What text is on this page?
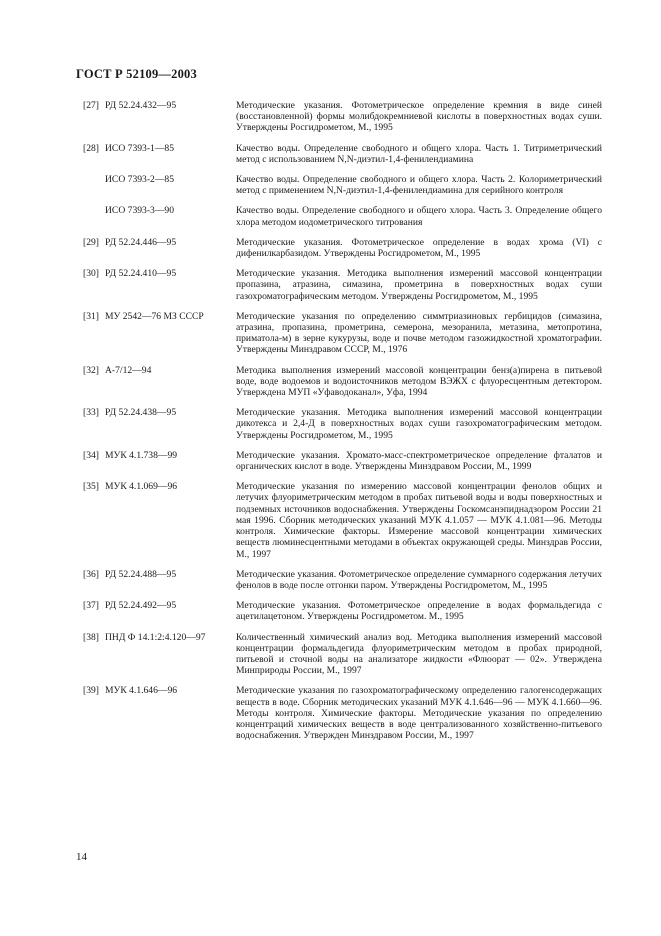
ГОСТ Р 52109—2003
[27] РД 52.24.432—95	Методические указания. Фотометрическое определение кремния в виде синей (восстановленной) формы молибдокремниевой кислоты в поверхностных водах суши. Утверждены Росгидрометом, М., 1995
[28] ИСО 7393-1—85	Качество воды. Определение свободного и общего хлора. Часть 1. Титриметрический метод с использованием N,N-диэтил-1,4-фенилендиамина
ИСО 7393-2—85	Качество воды. Определение свободного и общего хлора. Часть 2. Колориметрический метод с применением N,N-диэтил-1,4-фенилендиамина для серийного контроля
ИСО 7393-3—90	Качество воды. Определение свободного и общего хлора. Часть 3. Определение общего хлора методом иодометрического титрования
[29] РД 52.24.446—95	Методические указания. Фотометрическое определение в водах хрома (VI) с дифенилкарбазидом. Утверждены Росгидрометом, М., 1995
[30] РД 52.24.410—95	Методические указания. Методика выполнения измерений массовой концентрации пропазина, атразина, симазина, прометрина в поверхностных водах суши газохроматографическим методом. Утверждены Росгидрометом, М., 1995
[31] МУ 2542—76 МЗ СССР	Методические указания по определению симмтриазиновых гербицидов (симазина, атразина, пропазина, прометрина, семерона, мезоранила, метазина, метопротина, приматола-м) в зерне кукурузы, воде и почве методом газожидкостной хроматографии. Утверждены Минздравом СССР, М., 1976
[32] А-7/12—94	Методика выполнения измерений массовой концентрации бенз(а)пирена в питьевой воде, воде водоемов и водоисточников методом ВЭЖХ с флуоресцентным детектором. Утверждена МУП «Уфаводоканал», Уфа, 1994
[33] РД 52.24.438—95	Методические указания. Методика выполнения измерений массовой концентрации дикотекса и 2,4-Д в поверхностных водах суши газохроматографическим методом. Утверждены Росгидрометом, М., 1995
[34] МУК 4.1.738—99	Методические указания. Хромато-масс-спектрометрическое определение фталатов и органических кислот в воде. Утверждены Минздравом России, М., 1999
[35] МУК 4.1.069—96	Методические указания по измерению массовой концентрации фенолов общих и летучих флуориметрическим методом в пробах питьевой воды и воды поверхностных и подземных источников водоснабжения. Утверждены Госкомсанэпиднадзором России 21 мая 1996. Сборник методических указаний МУК 4.1.057 — МУК 4.1.081—96. Методы контроля. Химические факторы. Измерение массовой концентрации химических веществ люминесцентными методами в объектах окружающей среды. Минздрав России, М., 1997
[36] РД 52.24.488—95	Методические указания. Фотометрическое определение суммарного содержания летучих фенолов в воде после отгонки паром. Утверждены Росгидрометом, М., 1995
[37] РД 52.24.492—95	Методические указания. Фотометрическое определение в водах формальдегида с ацетилацетоном. Утверждены Росгидрометом. М., 1995
[38] ПНД Ф 14.1:2:4.120—97	Количественный химический анализ вод. Методика выполнения измерений массовой концентрации формальдегида флуориметрическим методом в пробах природной, питьевой и сточной воды на анализаторе жидкости «Флюорат — 02». Утверждена Минприроды России, М., 1997
[39] МУК 4.1.646—96	Методические указания по газохроматографическому определению галогенсодержащих веществ в воде. Сборник методических указаний МУК 4.1.646—96 — МУК 4.1.660—96. Методы контроля. Химические факторы. Методические указания по определению концентраций химических веществ в воде централизованного хозяйственно-питьевого водоснабжения. Утвержден Минздравом России, М., 1997
14
